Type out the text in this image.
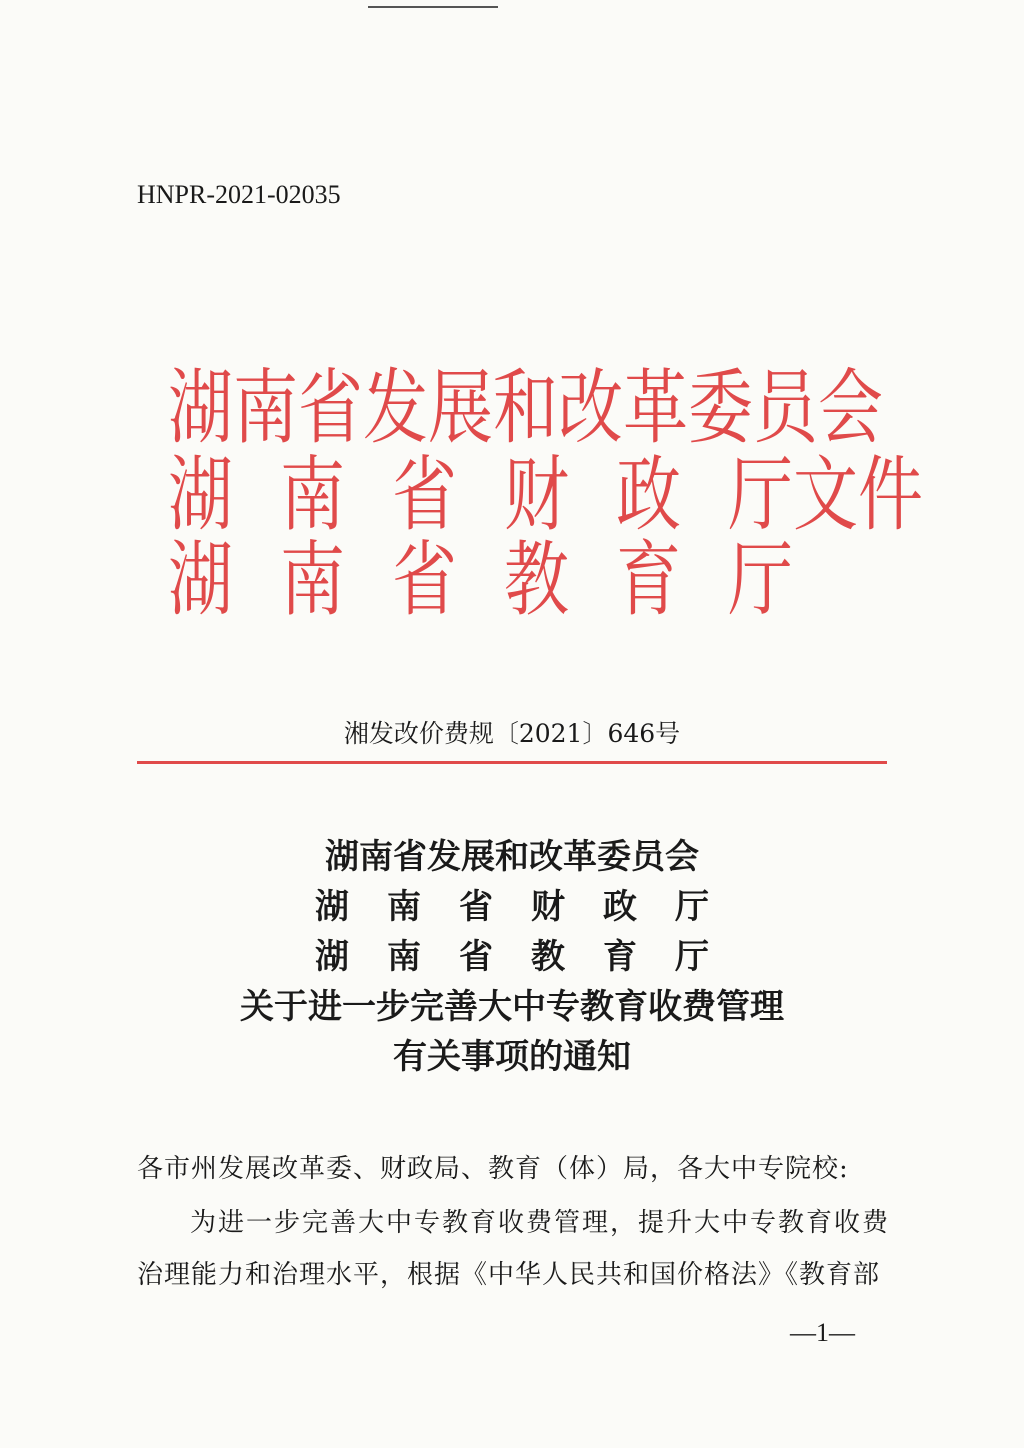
HNPR-2021-02035
湖南省发展和改革委员会
湖 南 省 财 政 厅文件
湖 南 省 教 育 厅
湘发改价费规〔2021〕646号
湖南省发展和改革委员会
湖 南 省 财 政 厅
湖 南 省 教 育 厅
关于进一步完善大中专教育收费管理
有关事项的通知
各市州发展改革委、财政局、教育（体）局，各大中专院校:
为进一步完善大中专教育收费管理，提升大中专教育收费
治理能力和治理水平，根据《中华人民共和国价格法》《教育部
—1—
